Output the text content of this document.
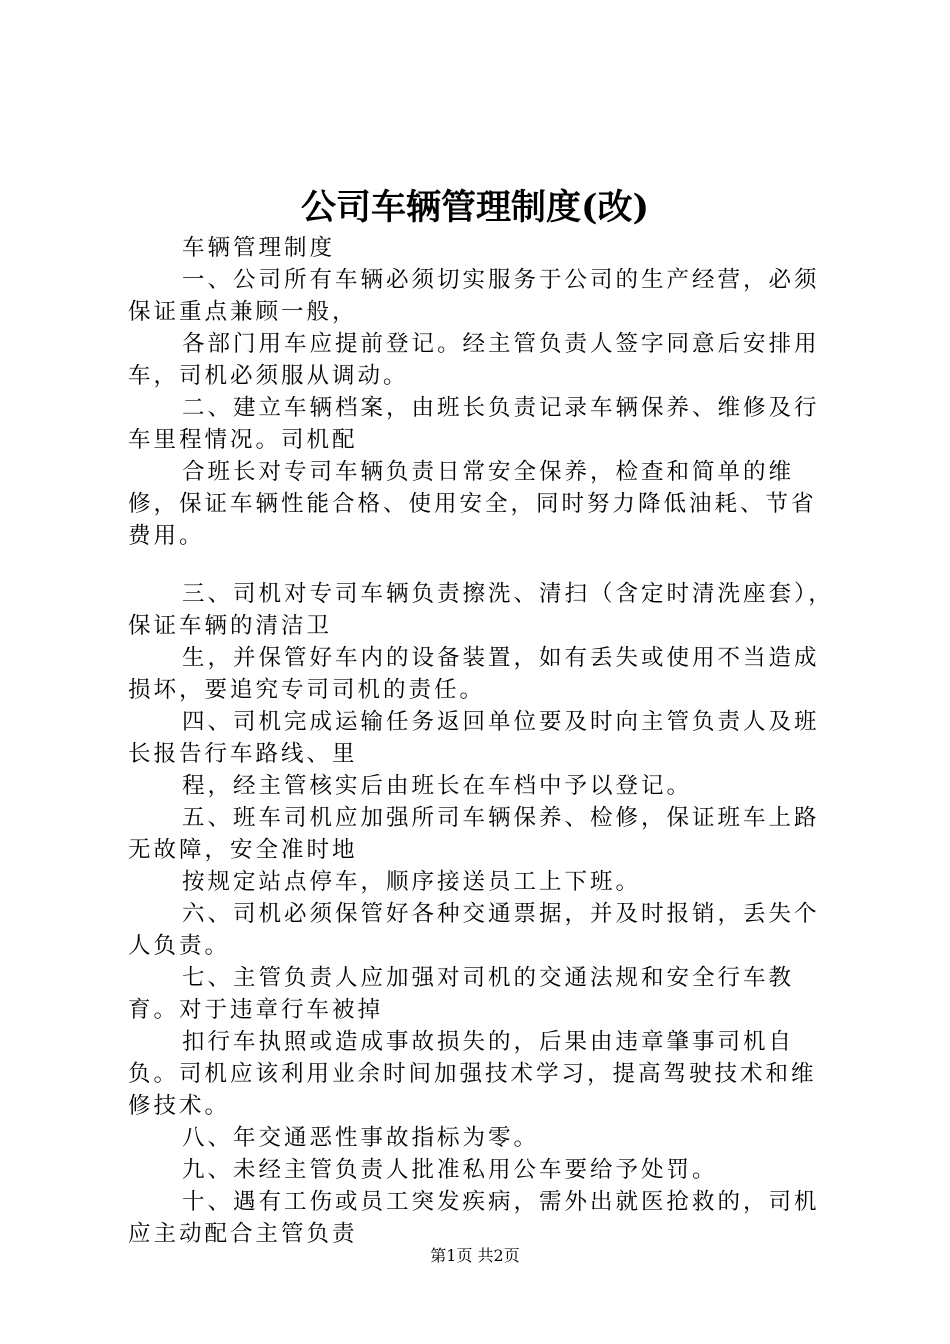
公司车辆管理制度(改)

车辆管理制度

一、公司所有车辆必须切实服务于公司的生产经营，必须保证重点兼顾一般，

各部门用车应提前登记。经主管负责人签字同意后安排用车，司机必须服从调动。

二、建立车辆档案，由班长负责记录车辆保养、维修及行车里程情况。司机配

合班长对专司车辆负责日常安全保养，检查和简单的维修，保证车辆性能合格、使用安全，同时努力降低油耗、节省费用。

三、司机对专司车辆负责擦洗、清扫（含定时清洗座套），保证车辆的清洁卫

生，并保管好车内的设备装置，如有丢失或使用不当造成损坏，要追究专司司机的责任。

四、司机完成运输任务返回单位要及时向主管负责人及班长报告行车路线、里

程，经主管核实后由班长在车档中予以登记。

五、班车司机应加强所司车辆保养、检修，保证班车上路无故障，安全准时地

按规定站点停车，顺序接送员工上下班。

六、司机必须保管好各种交通票据，并及时报销，丢失个人负责。

七、主管负责人应加强对司机的交通法规和安全行车教育。对于违章行车被掉

扣行车执照或造成事故损失的，后果由违章肇事司机自负。司机应该利用业余时间加强技术学习，提高驾驶技术和维修技术。

八、年交通恶性事故指标为零。

九、未经主管负责人批准私用公车要给予处罚。

十、遇有工伤或员工突发疾病，需外出就医抢救的，司机应主动配合主管负责

第1页 共2页
